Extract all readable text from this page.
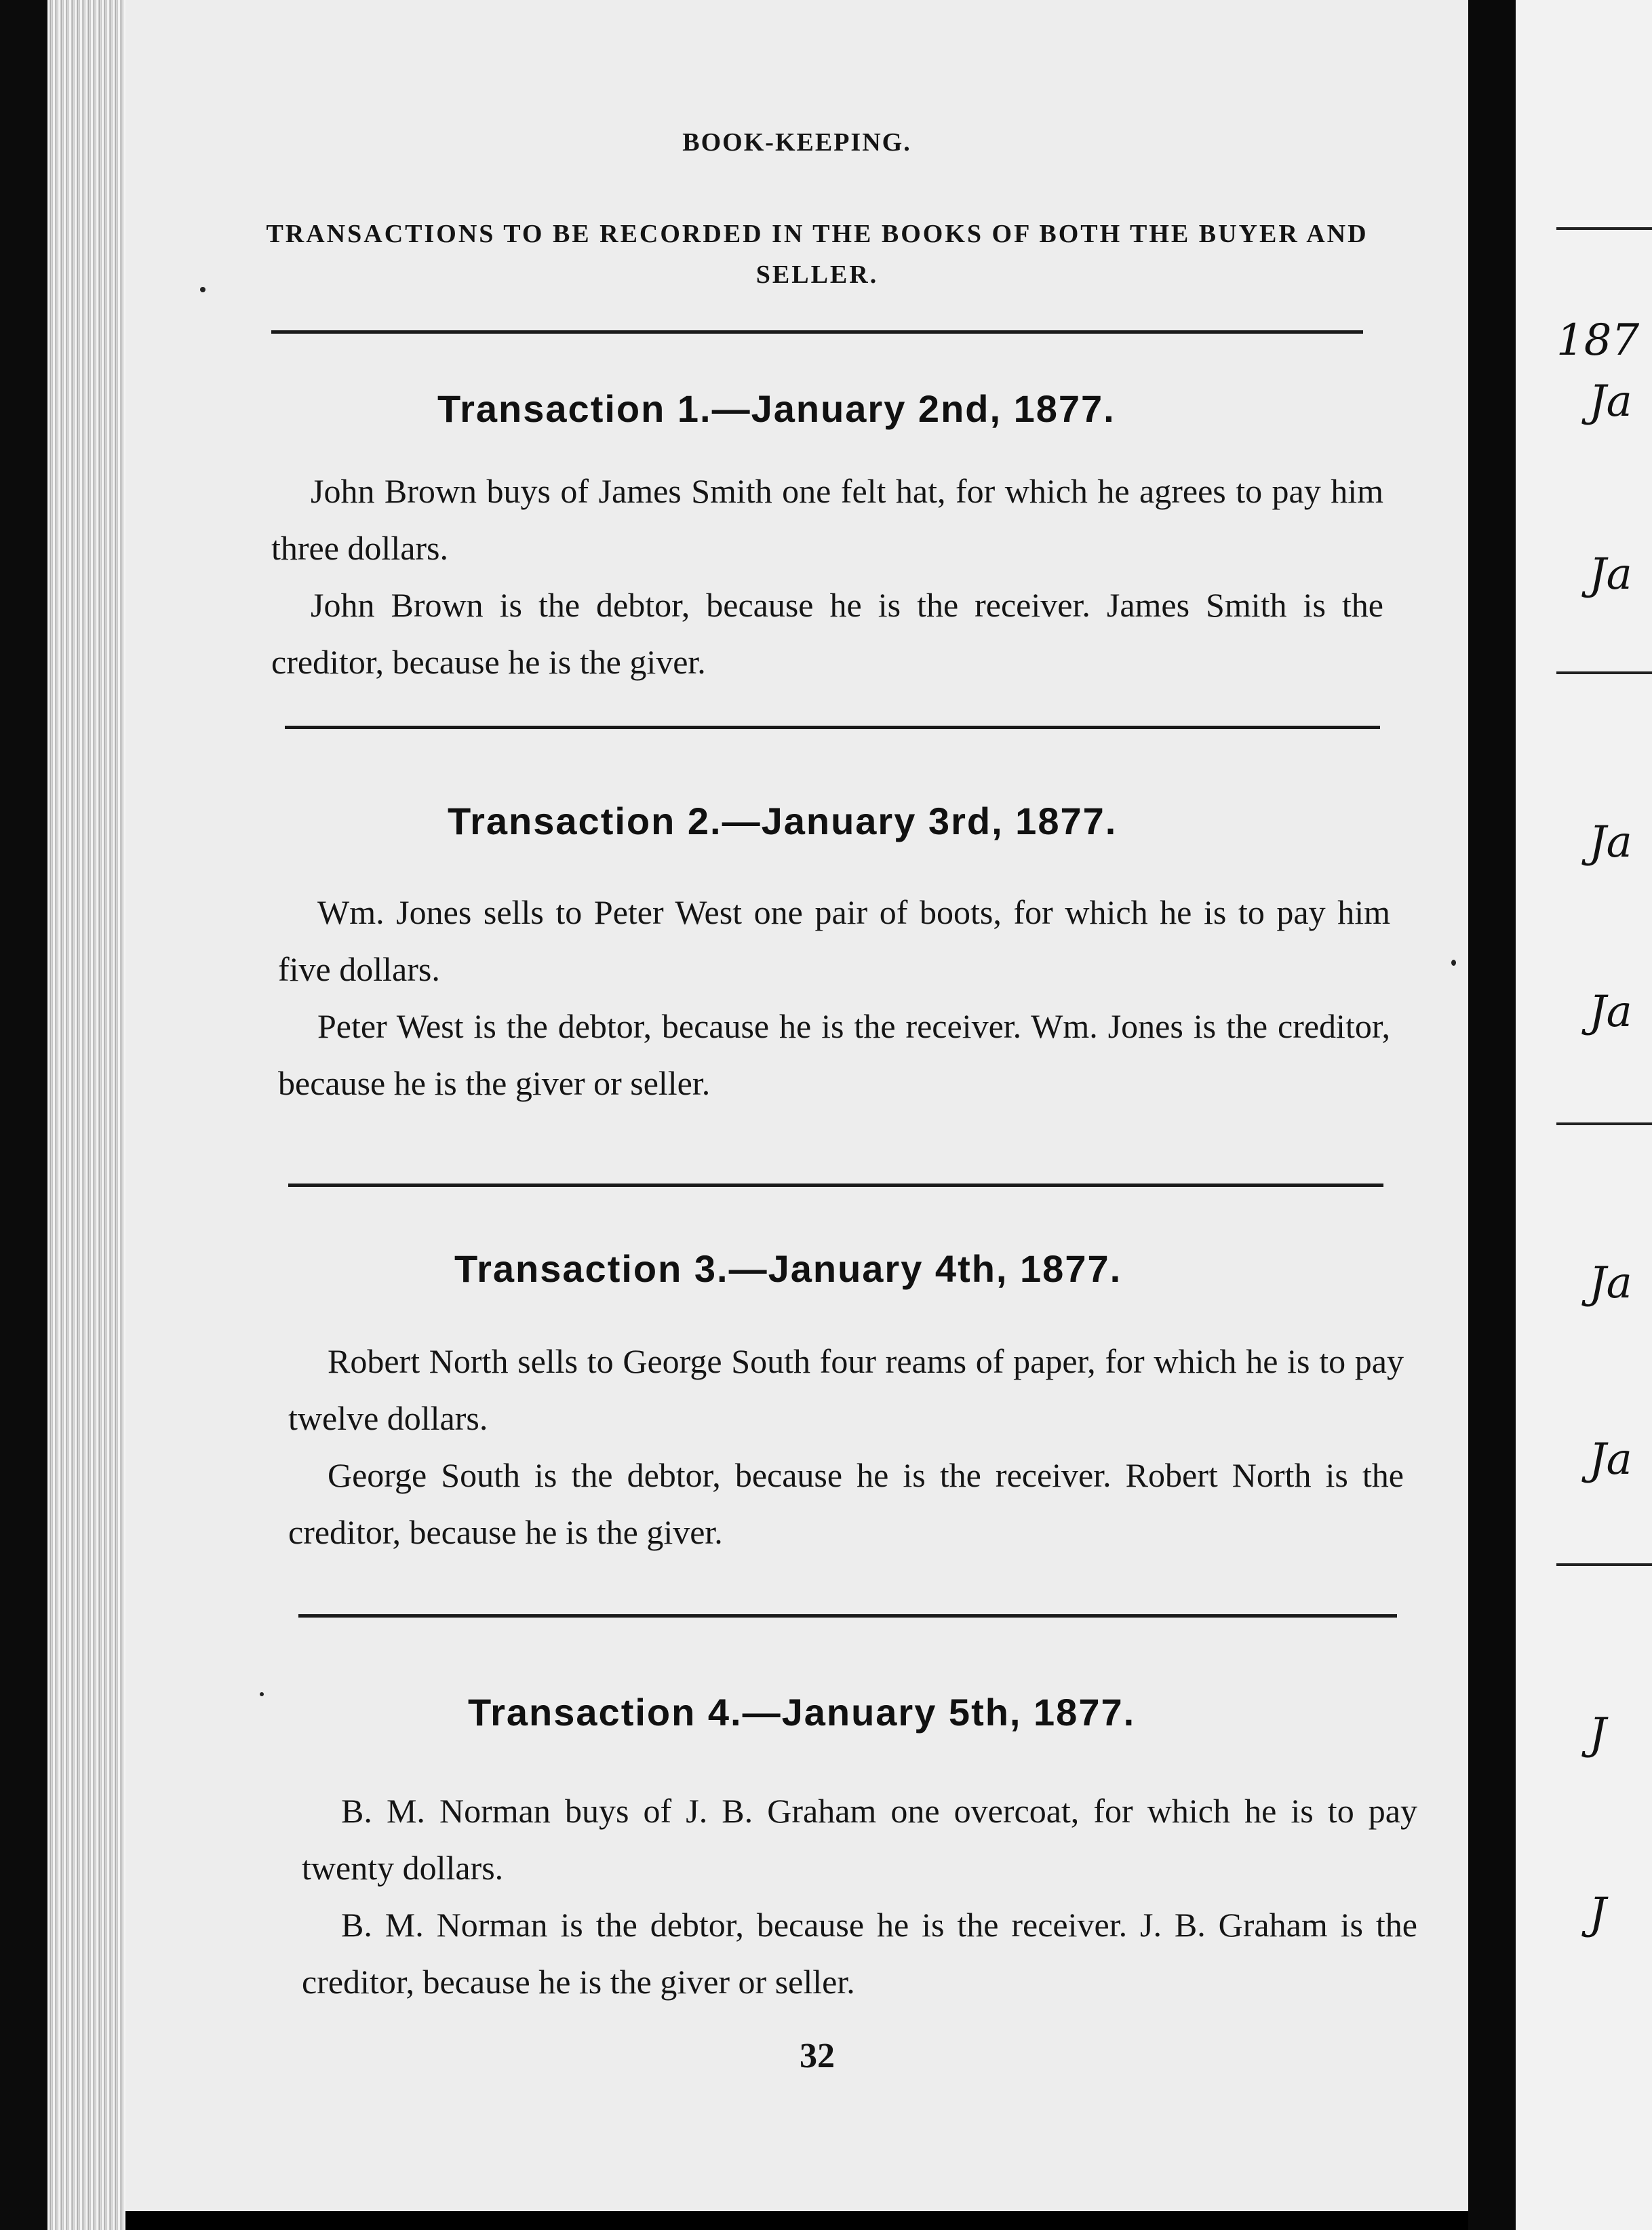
187
Ja
Ja
Ja
Ja
Ja
Ja
J
J
BOOK-KEEPING.
TRANSACTIONS TO BE RECORDED IN THE BOOKS OF BOTH THE BUYER AND SELLER.
Transaction 1.—January 2nd, 1877.

John Brown buys of James Smith one felt hat, for which he agrees to pay him three dollars.

John Brown is the debtor, because he is the receiver. James Smith is the creditor, because he is the giver.

Transaction 2.—January 3rd, 1877.

Wm. Jones sells to Peter West one pair of boots, for which he is to pay him five dollars.

Peter West is the debtor, because he is the receiver. Wm. Jones is the creditor, because he is the giver or seller.

Transaction 3.—January 4th, 1877.

Robert North sells to George South four reams of paper, for which he is to pay twelve dollars.

George South is the debtor, because he is the receiver. Robert North is the creditor, because he is the giver.

Transaction 4.—January 5th, 1877.

B. M. Norman buys of J. B. Graham one overcoat, for which he is to pay twenty dollars.

B. M. Norman is the debtor, because he is the receiver. J. B. Graham is the creditor, because he is the giver or seller.

32
